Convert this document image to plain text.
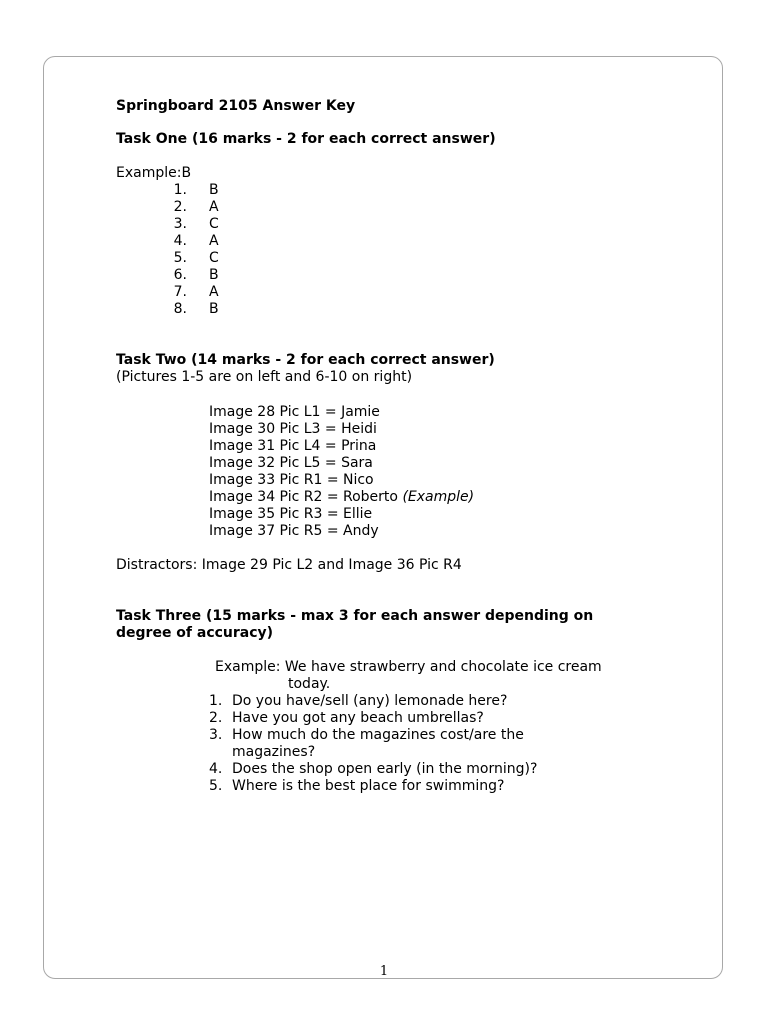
Springboard 2105 Answer Key
Task One (16 marks - 2 for each correct answer)
Example:B
1. B
2. A
3. C
4. A
5. C
6. B
7. A
8. B
Task Two (14 marks - 2 for each correct answer)
(Pictures 1-5 are on left and 6-10 on right)
Image 28 Pic L1 = Jamie
Image 30 Pic L3 = Heidi
Image 31 Pic L4 = Prina
Image 32 Pic L5 = Sara
Image 33 Pic R1 = Nico
Image 34 Pic R2 = Roberto (Example)
Image 35 Pic R3 = Ellie
Image 37 Pic R5 = Andy
Distractors: Image 29 Pic L2 and Image 36 Pic R4
Task Three (15 marks - max 3 for each answer depending on
degree of accuracy)
Example: We have strawberry and chocolate ice cream
today.
1. Do you have/sell (any) lemonade here?
2. Have you got any beach umbrellas?
3. How much do the magazines cost/are the
magazines?
4. Does the shop open early (in the morning)?
5. Where is the best place for swimming?
1
